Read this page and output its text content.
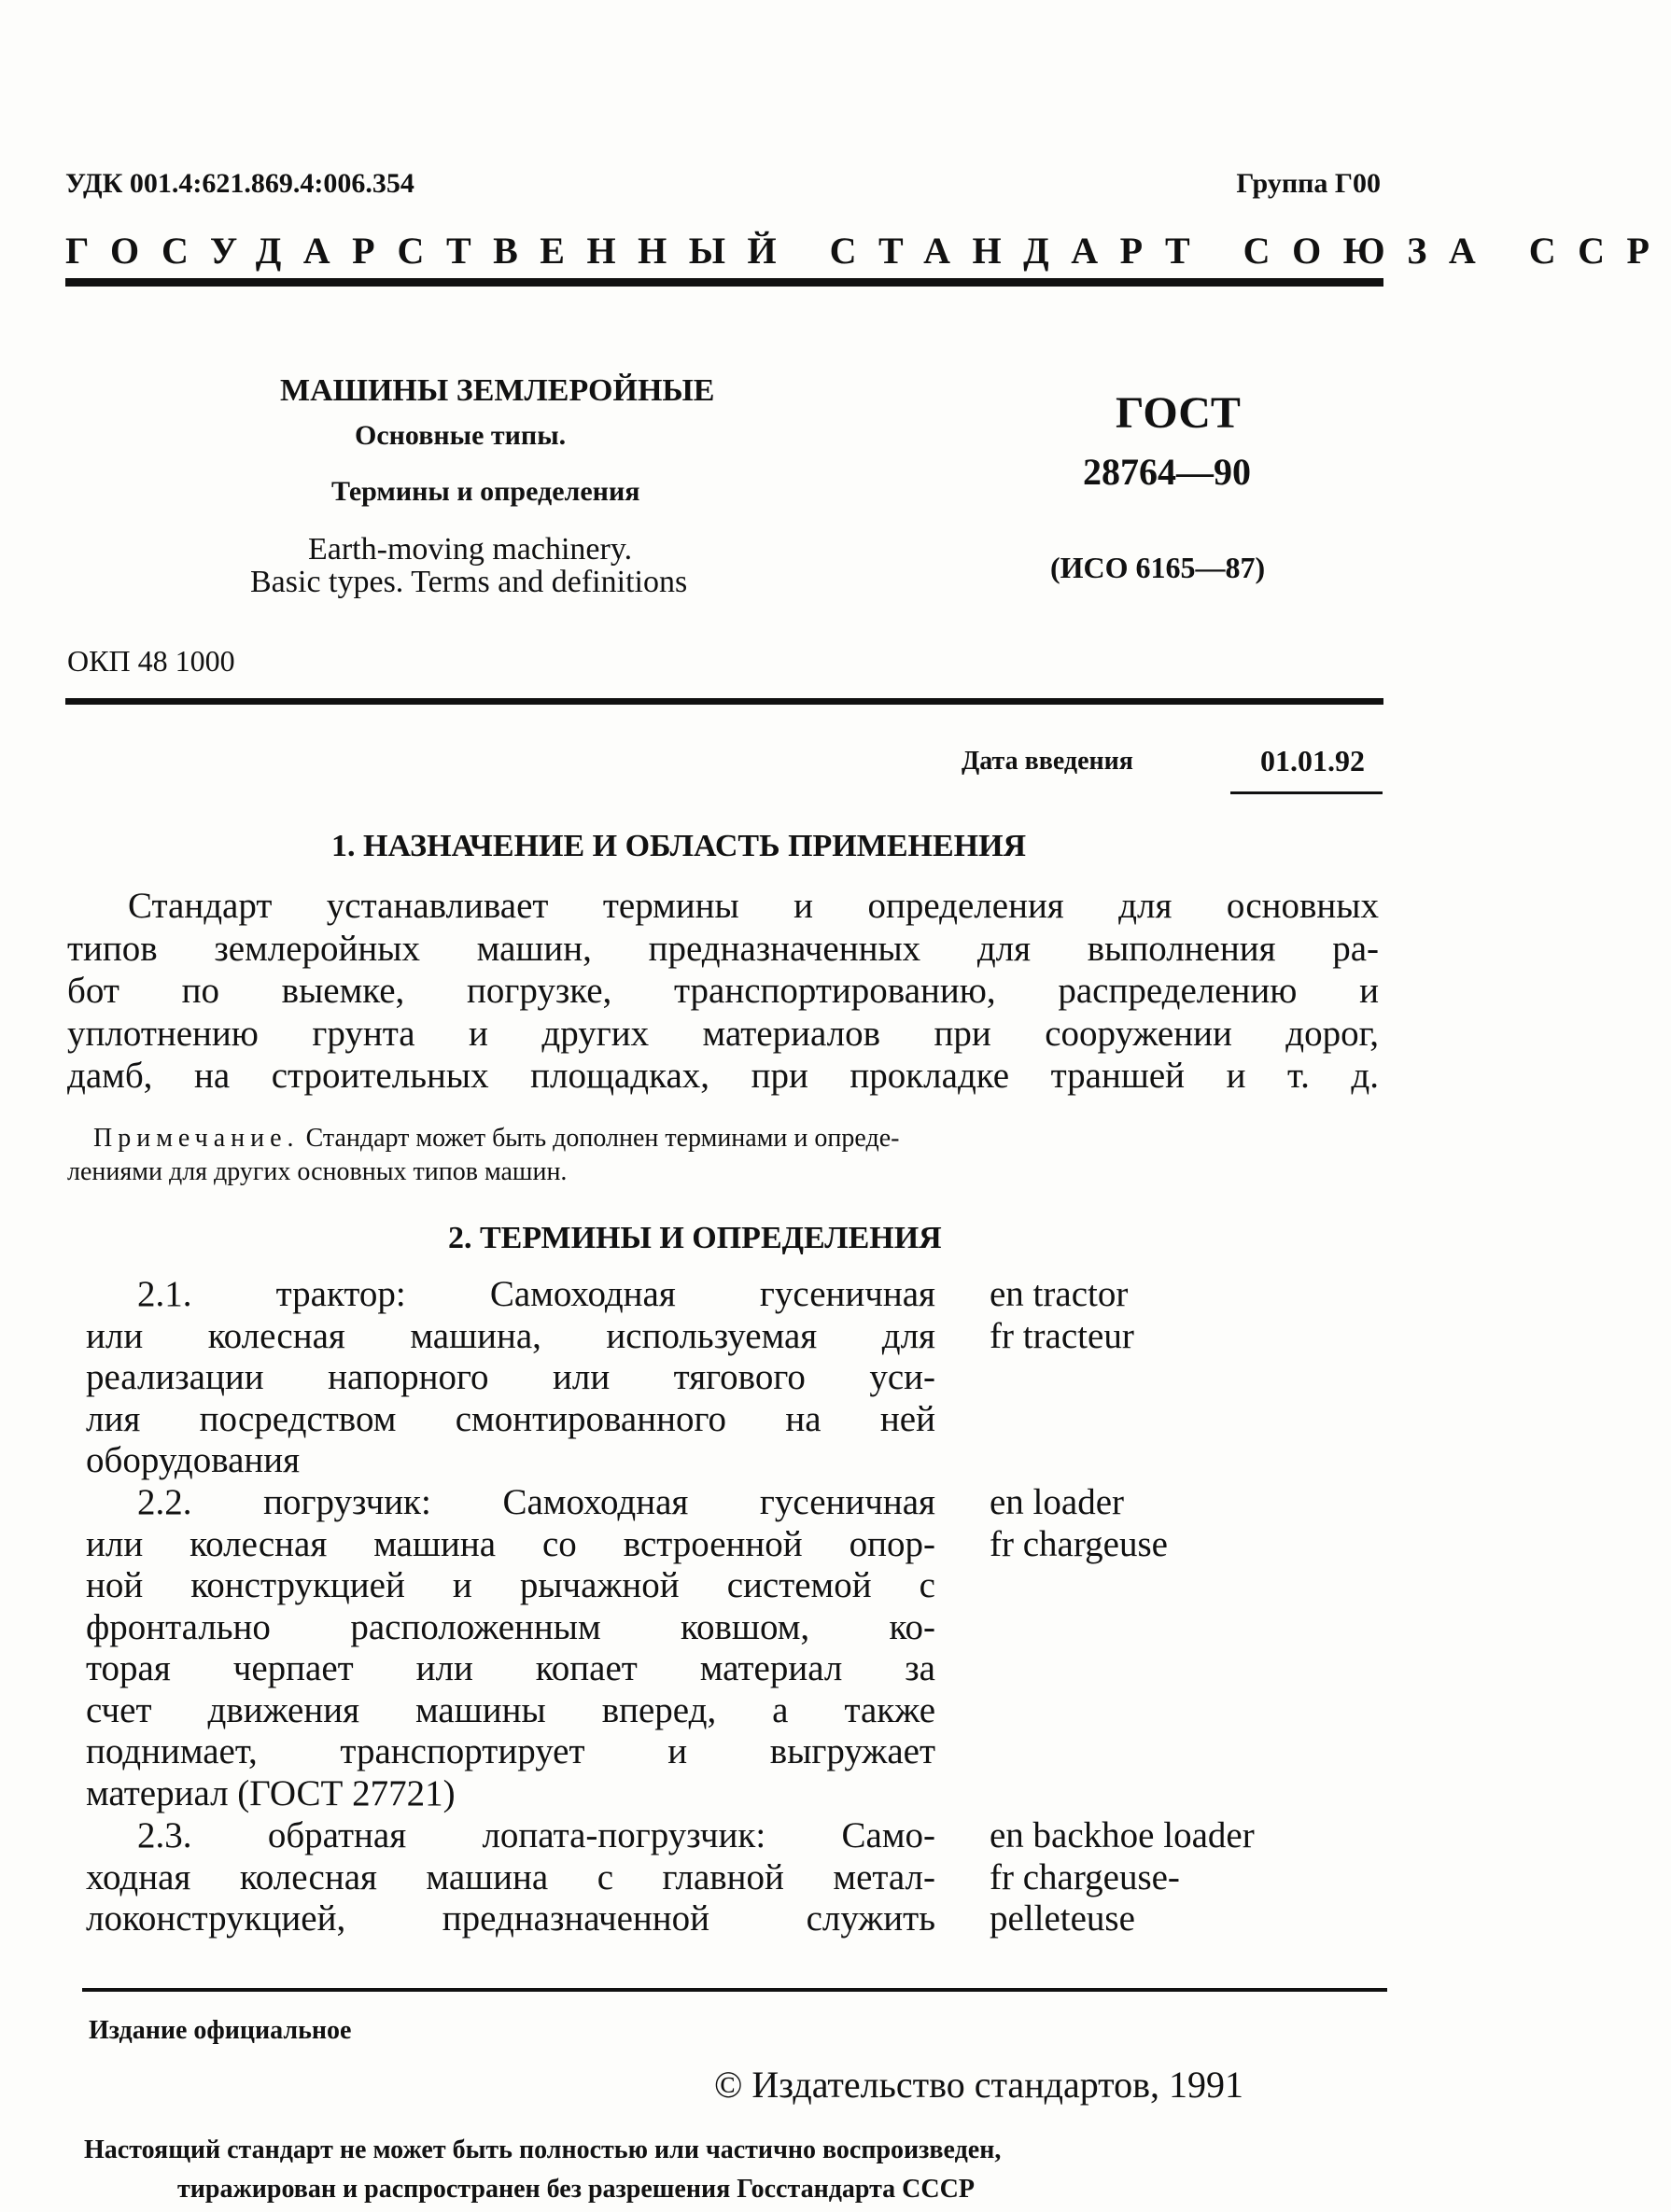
УДК 001.4:621.869.4:006.354	Группа Г00
ГОСУДАРСТВЕННЫЙ СТАНДАРТ СОЮЗА ССР
МАШИНЫ ЗЕМЛЕРОЙНЫЕ
Основные типы.
Термины и определения
Earth-moving machinery.
Basic types. Terms and definitions
ГОСТ
28764—90
(ИСО 6165—87)
ОКП 48 1000
Дата введения	01.01.92
1. НАЗНАЧЕНИЕ И ОБЛАСТЬ ПРИМЕНЕНИЯ
Стандарт устанавливает термины и определения для основных
типов землеройных машин, предназначенных для выполнения ра-
бот по выемке, погрузке, транспортированию, распределению и
уплотнению грунта и других материалов при сооружении дорог,
дамб, на строительных площадках, при прокладке траншей и т. д.
Примечание. Стандарт может быть дополнен терминами и опреде-
лениями для других основных типов машин.
2. ТЕРМИНЫ И ОПРЕДЕЛЕНИЯ
2.1. трактор: Самоходная гусеничная
или колесная машина, используемая для
реализации напорного или тягового уси-
лия посредством смонтированного на ней
оборудования
en tractor
fr tracteur
2.2. погрузчик: Самоходная гусеничная
или колесная машина со встроенной опор-
ной конструкцией и рычажной системой с
фронтально расположенным ковшом, ко-
торая черпает или копает материал за
счет движения машины вперед, а также
поднимает, транспортирует и выгружает
материал (ГОСТ 27721)
en loader
fr chargeuse
2.3. обратная лопата-погрузчик: Само-
ходная колесная машина с главной метал-
локонструкцией, предназначенной служить
en backhoe loader
fr chargeuse-
pelleteuse
Издание официальное
© Издательство стандартов, 1991
Настоящий стандарт не может быть полностью или частично воспроизведен,
тиражирован и распространен без разрешения Госстандарта СССР
